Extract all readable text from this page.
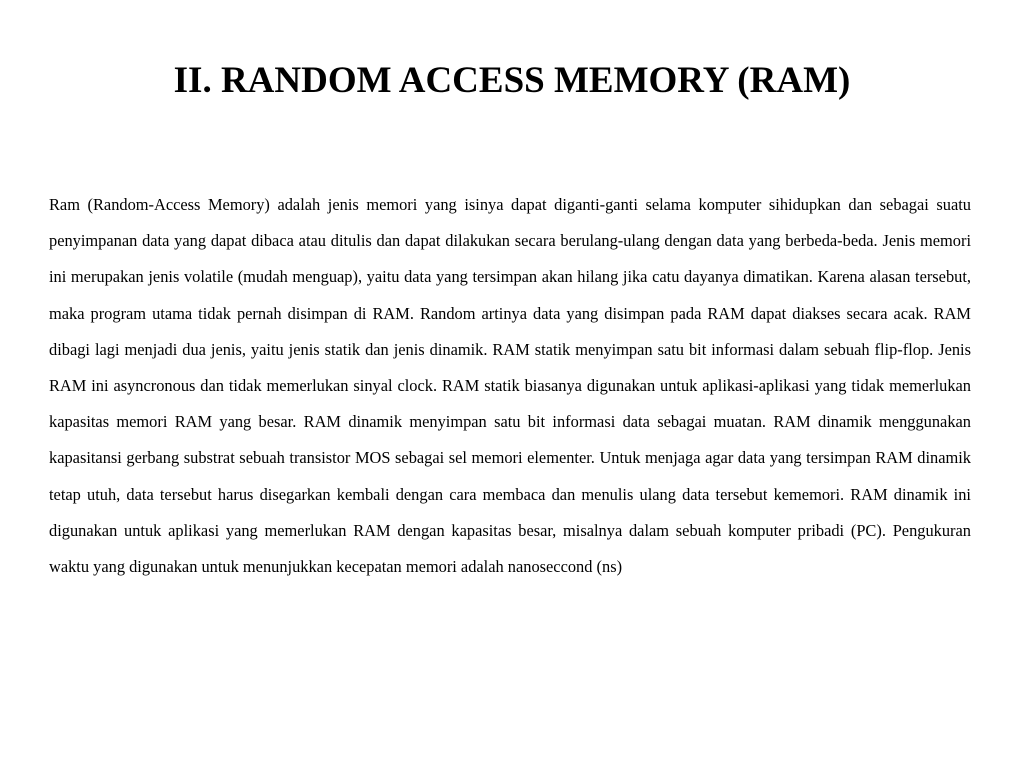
II. RANDOM ACCESS MEMORY (RAM)

Ram (Random-Access Memory) adalah jenis memori yang isinya dapat diganti-ganti selama komputer sihidupkan dan sebagai suatu penyimpanan data yang dapat dibaca atau ditulis dan dapat dilakukan secara berulang-ulang dengan data yang berbeda-beda. Jenis memori ini merupakan jenis volatile (mudah menguap), yaitu data yang tersimpan akan hilang jika catu dayanya dimatikan. Karena alasan tersebut, maka program utama tidak pernah disimpan di RAM. Random artinya data yang disimpan pada RAM dapat diakses secara acak. RAM dibagi lagi menjadi dua jenis, yaitu jenis statik dan jenis dinamik. RAM statik menyimpan satu bit informasi dalam sebuah flip-flop. Jenis RAM ini asyncronous dan tidak memerlukan sinyal clock. RAM statik biasanya digunakan untuk aplikasi-aplikasi yang tidak memerlukan kapasitas memori RAM yang besar. RAM dinamik menyimpan satu bit informasi data sebagai muatan. RAM dinamik menggunakan kapasitansi gerbang substrat sebuah transistor MOS sebagai sel memori elementer. Untuk menjaga agar data yang tersimpan RAM dinamik tetap utuh, data tersebut harus disegarkan kembali dengan cara membaca dan menulis ulang data tersebut kememori. RAM dinamik ini digunakan untuk aplikasi yang memerlukan RAM dengan kapasitas besar, misalnya dalam sebuah komputer pribadi (PC). Pengukuran waktu yang digunakan untuk menunjukkan kecepatan memori adalah nanoseccond (ns)
